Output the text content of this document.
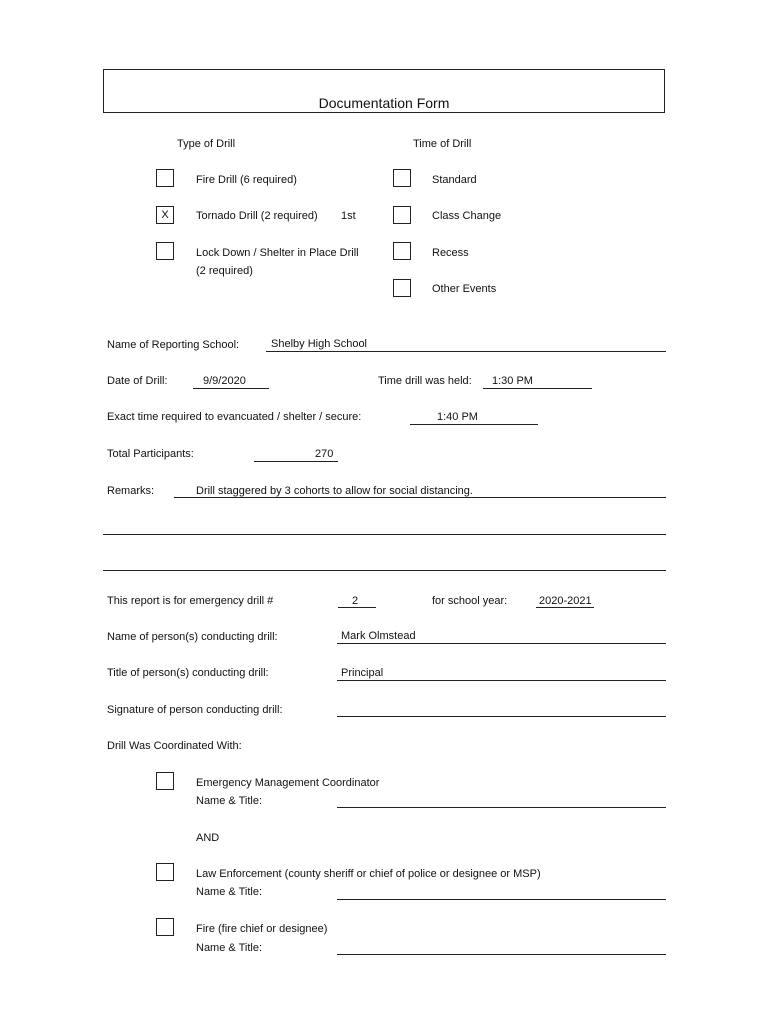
Documentation Form
Type of Drill	Time of Drill
Fire Drill (6 required)
X	Tornado Drill (2 required) 1st
Lock Down / Shelter in Place Drill
(2 required)
Standard
Class Change
Recess
Other Events
Name of Reporting School:	Shelby High School
Date of Drill:	9/9/2020	Time drill was held: 1:30 PM
Exact time required to evancuated / shelter / secure:	1:40 PM
Total Participants:	270
Remarks:	Drill staggered by 3 cohorts to allow for social distancing.
This report is for emergency drill #	2	for school year:	2020-2021
Name of person(s) conducting drill:	Mark Olmstead
Title of person(s) conducting drill:	Principal
Signature of person conducting drill:
Drill Was Coordinated With:
Emergency Management Coordinator
Name & Title:
AND
Law Enforcement (county sheriff or chief of police or designee or MSP)
Name & Title:
Fire (fire chief or designee)
Name & Title:
